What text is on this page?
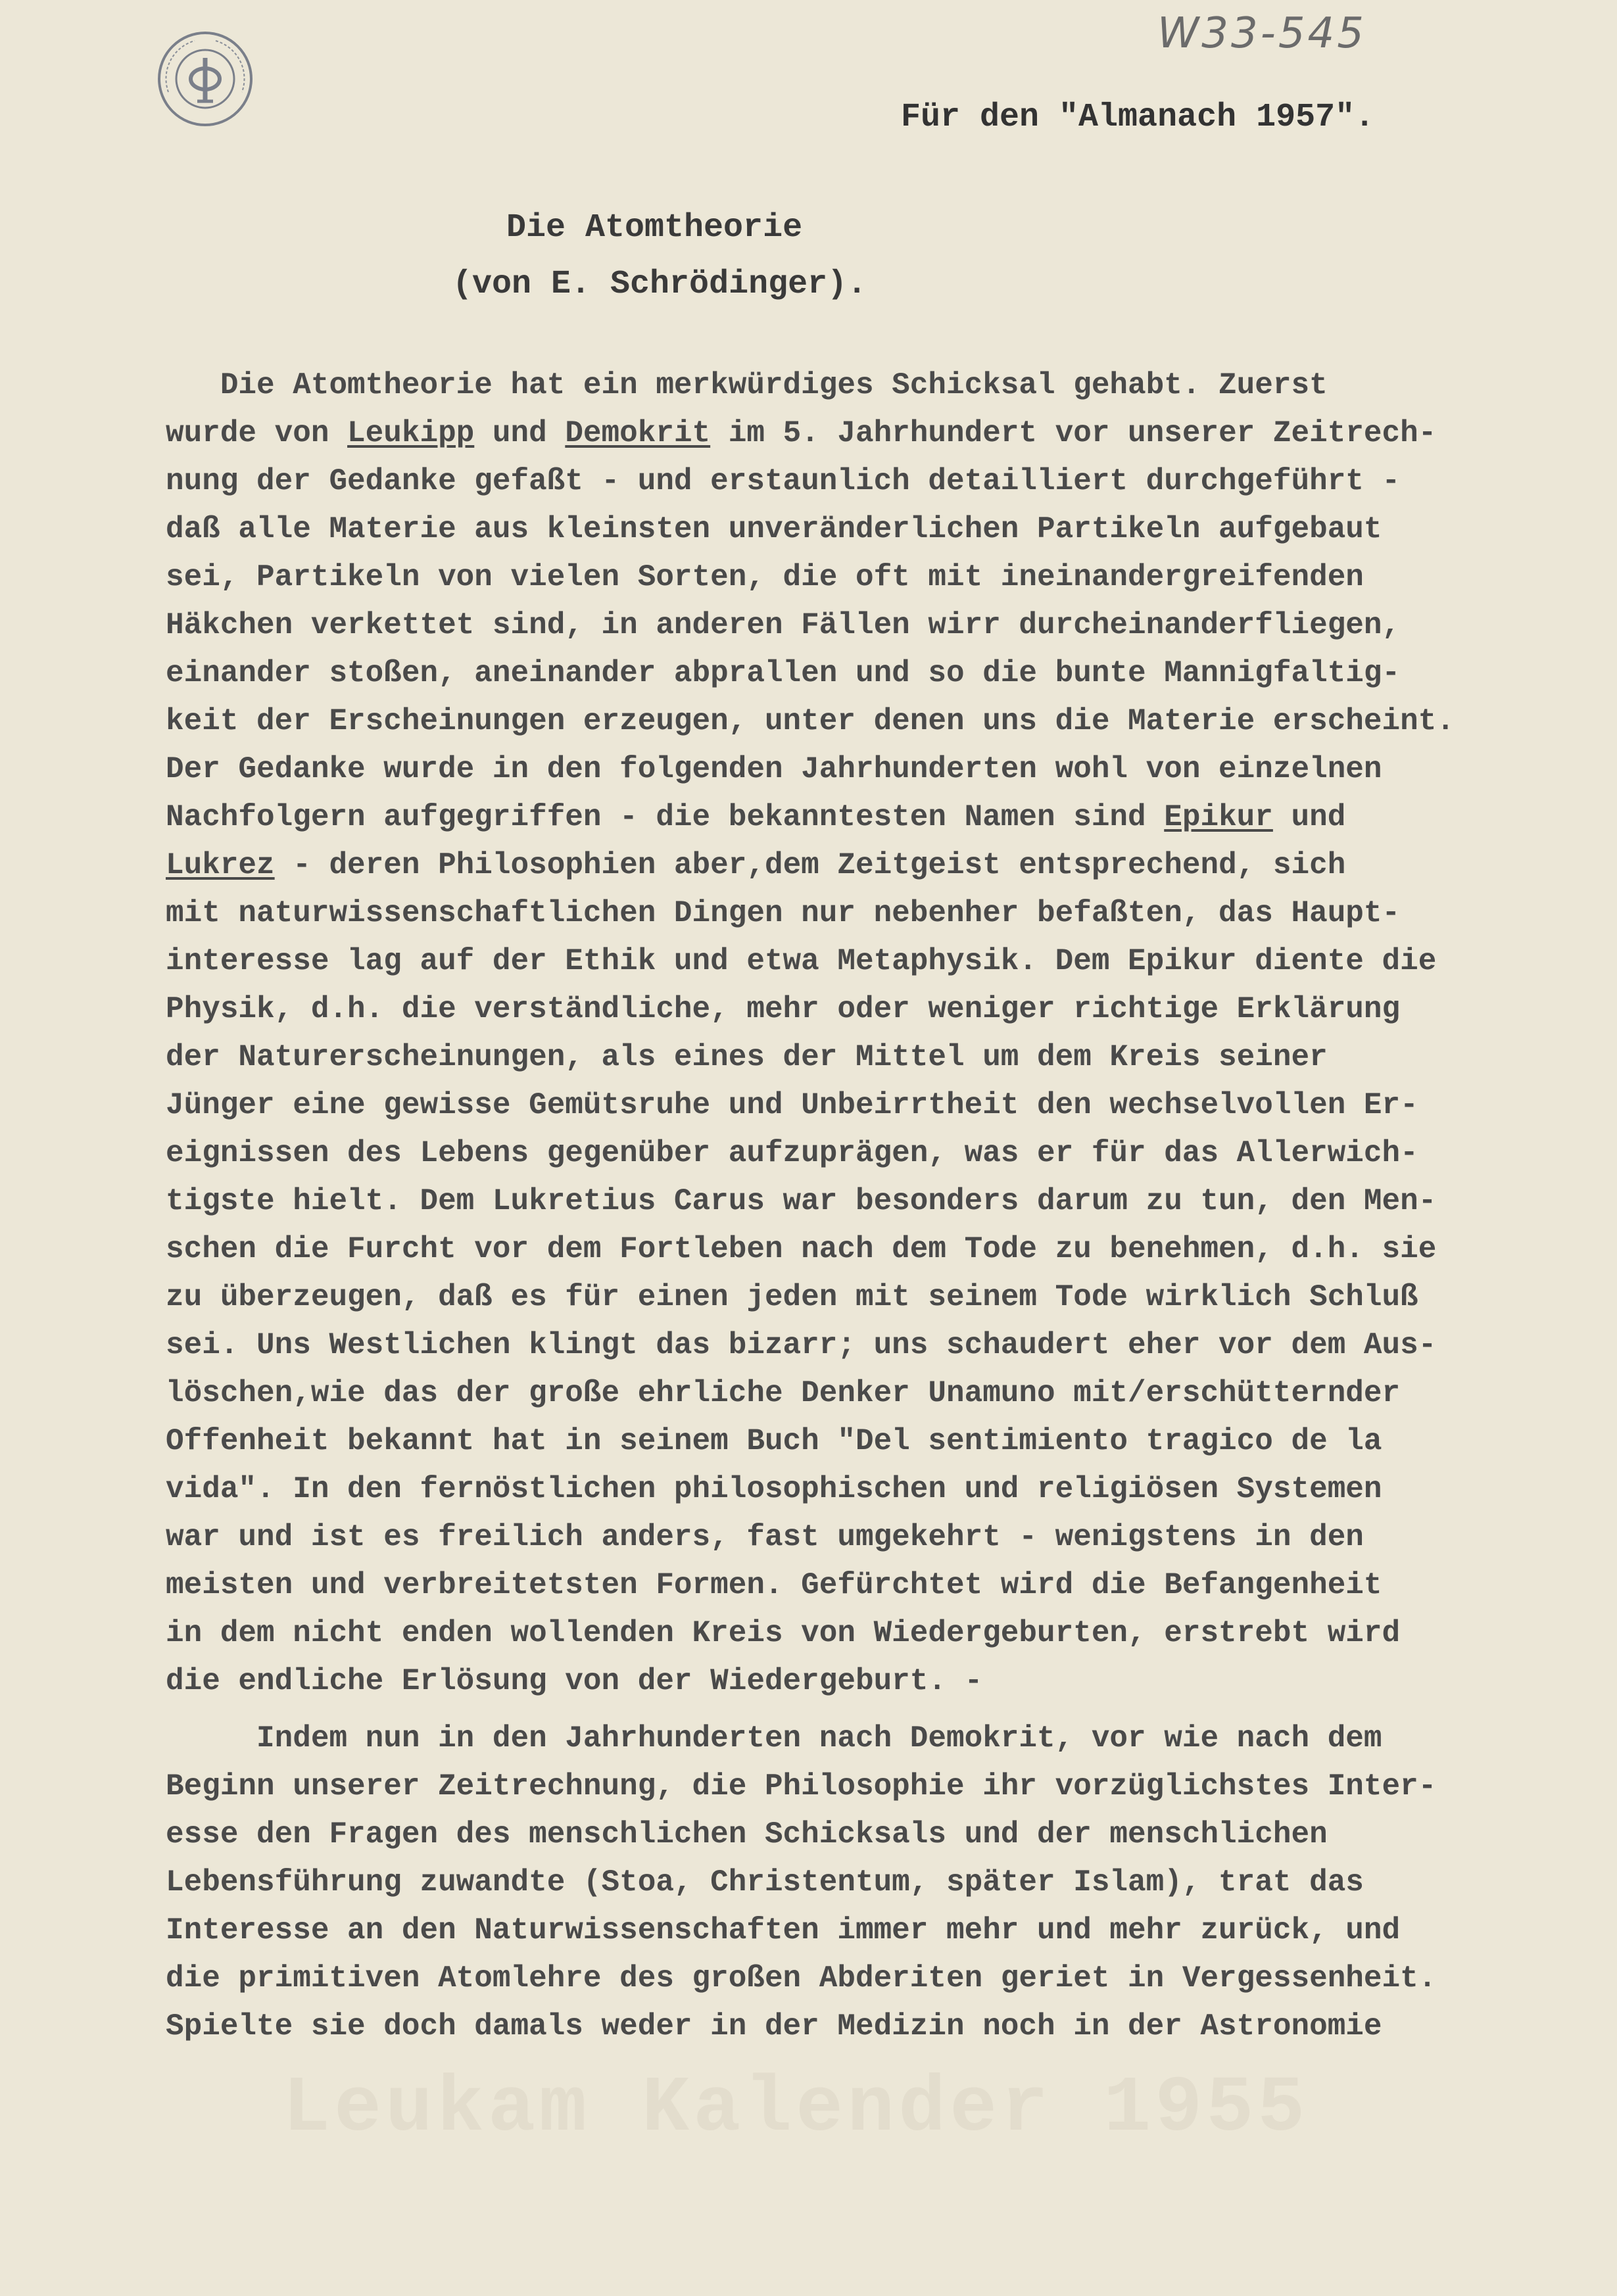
W33-545
Für den "Almanach 1957".
Die Atomtheorie
(von E. Schrödinger).
Die Atomtheorie hat ein merkwürdiges Schicksal gehabt. Zuerst
wurde von Leukipp und Demokrit im 5. Jahrhundert vor unserer Zeitrech-
nung der Gedanke gefaßt - und erstaunlich detailliert durchgeführt -
daß alle Materie aus kleinsten unveränderlichen Partikeln aufgebaut
sei, Partikeln von vielen Sorten, die oft mit ineinandergreifenden
Häkchen verkettet sind, in anderen Fällen wirr durcheinanderfliegen,
einander stoßen, aneinander abprallen und so die bunte Mannigfaltig-
keit der Erscheinungen erzeugen, unter denen uns die Materie erscheint.
Der Gedanke wurde in den folgenden Jahrhunderten wohl von einzelnen
Nachfolgern aufgegriffen - die bekanntesten Namen sind Epikur und
Lukrez - deren Philosophien aber,dem Zeitgeist entsprechend, sich
mit naturwissenschaftlichen Dingen nur nebenher befaßten, das Haupt-
interesse lag auf der Ethik und etwa Metaphysik. Dem Epikur diente die
Physik, d.h. die verständliche, mehr oder weniger richtige Erklärung
der Naturerscheinungen, als eines der Mittel um dem Kreis seiner
Jünger eine gewisse Gemütsruhe und Unbeirrtheit den wechselvollen Er-
eignissen des Lebens gegenüber aufzuprägen, was er für das Allerwich-
tigste hielt. Dem Lukretius Carus war besonders darum zu tun, den Men-
schen die Furcht vor dem Fortleben nach dem Tode zu benehmen, d.h. sie
zu überzeugen, daß es für einen jeden mit seinem Tode wirklich Schluß
sei. Uns Westlichen klingt das bizarr; uns schaudert eher vor dem Aus-
löschen,wie das der große ehrliche Denker Unamuno mit/erschütternder
Offenheit bekannt hat in seinem Buch "Del sentimiento tragico de la
vida". In den fernöstlichen philosophischen und religiösen Systemen
war und ist es freilich anders, fast umgekehrt - wenigstens in den
meisten und verbreitetsten Formen. Gefürchtet wird die Befangenheit
in dem nicht enden wollenden Kreis von Wiedergeburten, erstrebt wird
die endliche Erlösung von der Wiedergeburt. -
Indem nun in den Jahrhunderten nach Demokrit, vor wie nach dem
Beginn unserer Zeitrechnung, die Philosophie ihr vorzüglichstes Inter-
esse den Fragen des menschlichen Schicksals und der menschlichen
Lebensführung zuwandte (Stoa, Christentum, später Islam), trat das
Interesse an den Naturwissenschaften immer mehr und mehr zurück, und
die primitiven Atomlehre des großen Abderiten geriet in Vergessenheit.
Spielte sie doch damals weder in der Medizin noch in der Astronomie
Leukam Kalender 1955
